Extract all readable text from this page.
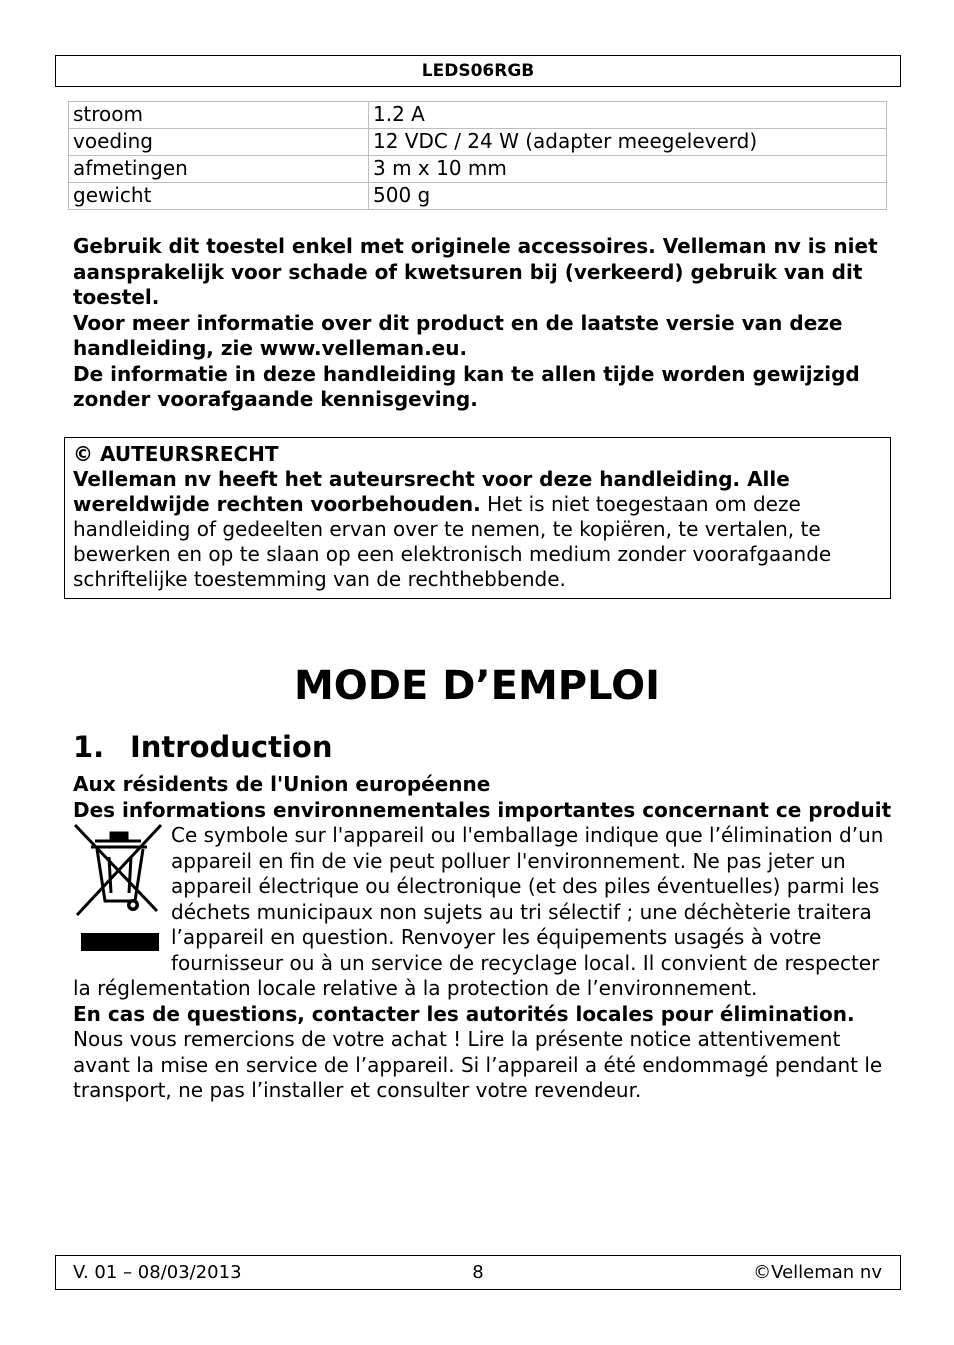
LEDS06RGB
stroom	1.2 A
voeding	12 VDC / 24 W (adapter meegeleverd)
afmetingen	3 m x 10 mm
gewicht	500 g
Gebruik dit toestel enkel met originele accessoires. Velleman nv is niet aansprakelijk voor schade of kwetsuren bij (verkeerd) gebruik van dit toestel.
Voor meer informatie over dit product en de laatste versie van deze handleiding, zie www.velleman.eu.
De informatie in deze handleiding kan te allen tijde worden gewijzigd zonder voorafgaande kennisgeving.
© AUTEURSRECHT
Velleman nv heeft het auteursrecht voor deze handleiding. Alle wereldwijde rechten voorbehouden. Het is niet toegestaan om deze handleiding of gedeelten ervan over te nemen, te kopiëren, te vertalen, te bewerken en op te slaan op een elektronisch medium zonder voorafgaande schriftelijke toestemming van de rechthebbende.
MODE D’EMPLOI
1. Introduction
Aux résidents de l'Union européenne
Des informations environnementales importantes concernant ce produit
Ce symbole sur l'appareil ou l'emballage indique que l’élimination d’un appareil en fin de vie peut polluer l'environnement. Ne pas jeter un appareil électrique ou électronique (et des piles éventuelles) parmi les déchets municipaux non sujets au tri sélectif ; une déchèterie traitera l’appareil en question. Renvoyer les équipements usagés à votre fournisseur ou à un service de recyclage local. Il convient de respecter la réglementation locale relative à la protection de l’environnement.
En cas de questions, contacter les autorités locales pour élimination.
Nous vous remercions de votre achat ! Lire la présente notice attentivement avant la mise en service de l’appareil. Si l’appareil a été endommagé pendant le transport, ne pas l’installer et consulter votre revendeur.
V. 01 – 08/03/2013	8	©Velleman nv
